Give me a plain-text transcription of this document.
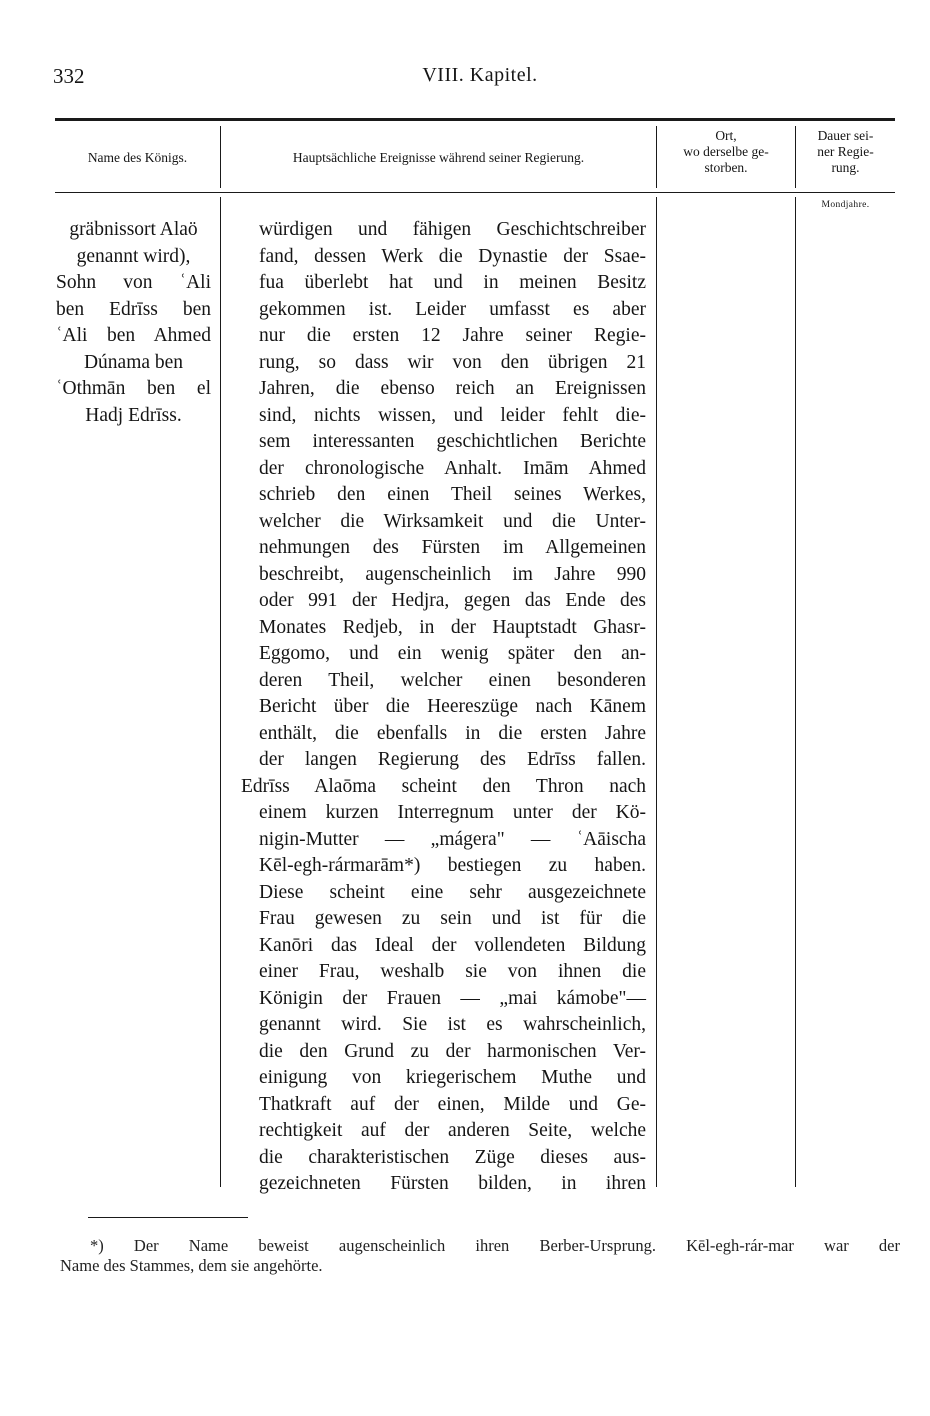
332	VIII. Kapitel.
Name des Königs.	Hauptsächliche Ereignisse während seiner Regierung.
Ort,
wo derselbe ge-
storben.
Dauer sei-
ner Regie-
rung.
Mondjahre.
gräbnissort Alaö
genannt wird),
Sohn von ʿAli
ben Edrīss ben
ʿAli ben Ahmed
Dúnama ben
ʿOthmān ben el
Hadj Edrīss.
würdigen und fähigen Geschichtschreiber
fand, dessen Werk die Dynastie der Ssae-
fua überlebt hat und in meinen Besitz
gekommen ist. Leider umfasst es aber
nur die ersten 12 Jahre seiner Regie-
rung, so dass wir von den übrigen 21
Jahren, die ebenso reich an Ereignissen
sind, nichts wissen, und leider fehlt die-
sem interessanten geschichtlichen Berichte
der chronologische Anhalt. Imām Ahmed
schrieb den einen Theil seines Werkes,
welcher die Wirksamkeit und die Unter-
nehmungen des Fürsten im Allgemeinen
beschreibt, augenscheinlich im Jahre 990
oder 991 der Hedjra, gegen das Ende des
Monates Redjeb, in der Hauptstadt Ghasr-
Eggomo, und ein wenig später den an-
deren Theil, welcher einen besonderen
Bericht über die Heereszüge nach Kānem
enthält, die ebenfalls in die ersten Jahre
der langen Regierung des Edrīss fallen.
Edrīss Alaōma scheint den Thron nach
einem kurzen Interregnum unter der Kö-
nigin-Mutter — „mágera" — ʿAāischa
Kēl-egh-rármarām*) bestiegen zu haben.
Diese scheint eine sehr ausgezeichnete
Frau gewesen zu sein und ist für die
Kanōri das Ideal der vollendeten Bildung
einer Frau, weshalb sie von ihnen die
Königin der Frauen — „mai kámobe"—
genannt wird. Sie ist es wahrscheinlich,
die den Grund zu der harmonischen Ver-
einigung von kriegerischem Muthe und
Thatkraft auf der einen, Milde und Ge-
rechtigkeit auf der anderen Seite, welche
die charakteristischen Züge dieses aus-
gezeichneten Fürsten bilden, in ihren
*) Der Name beweist augenscheinlich ihren Berber-Ursprung. Kēl-egh-rár-mar war der
Name des Stammes, dem sie angehörte.
